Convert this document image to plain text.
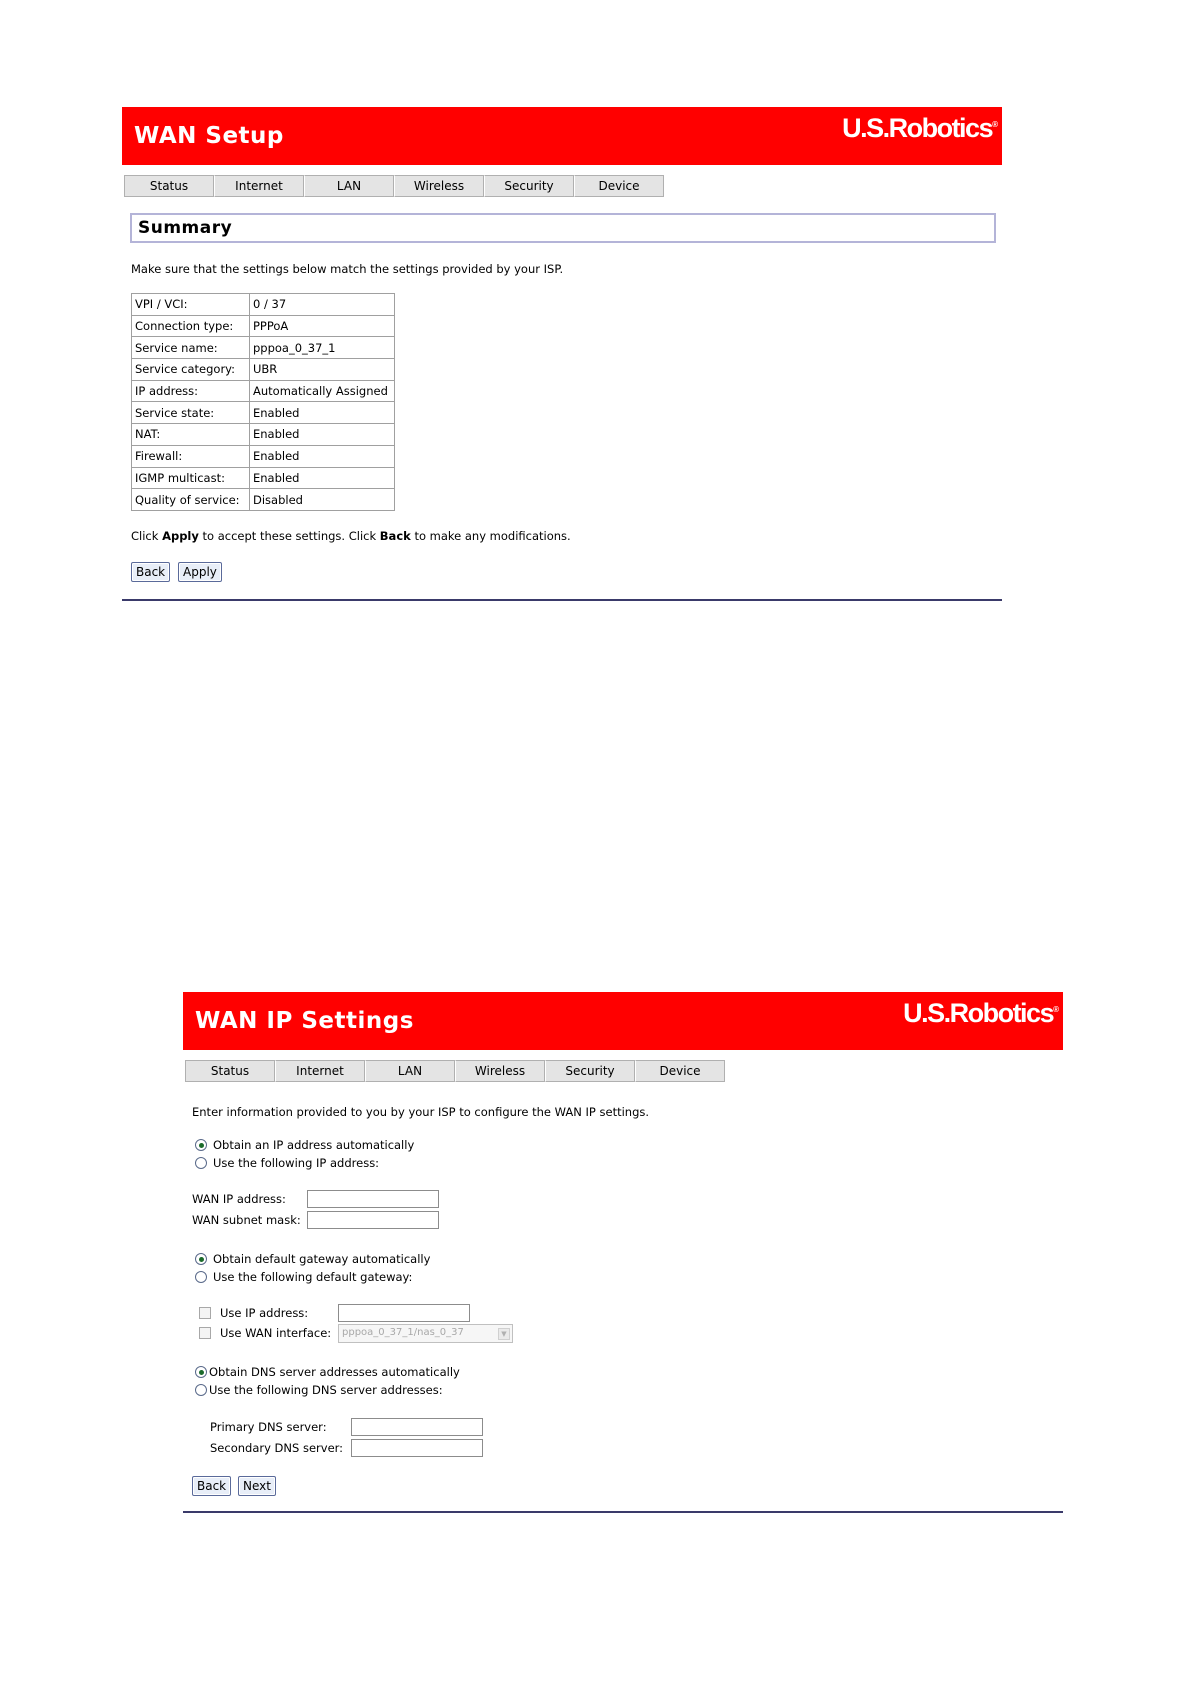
WAN Setup	U.S.Robotics®
Status	Internet	LAN	Wireless	Security	Device
Summary
Make sure that the settings below match the settings provided by your ISP.
VPI / VCI:	0 / 37
Connection type:	PPPoA
Service name:	pppoa_0_37_1
Service category:	UBR
IP address:	Automatically Assigned
Service state:	Enabled
NAT:	Enabled
Firewall:	Enabled
IGMP multicast:	Enabled
Quality of service:	Disabled
Click Apply to accept these settings. Click Back to make any modifications.
Back	Apply
WAN IP Settings	U.S.Robotics®
Status	Internet	LAN	Wireless	Security	Device
Enter information provided to you by your ISP to configure the WAN IP settings.
Obtain an IP address automatically
Use the following IP address:
WAN IP address:
WAN subnet mask:
Obtain default gateway automatically
Use the following default gateway:
Use IP address:
Use WAN interface:	pppoa_0_37_1/nas_0_37	▼
Obtain DNS server addresses automatically
Use the following DNS server addresses:
Primary DNS server:
Secondary DNS server:
Back	Next
